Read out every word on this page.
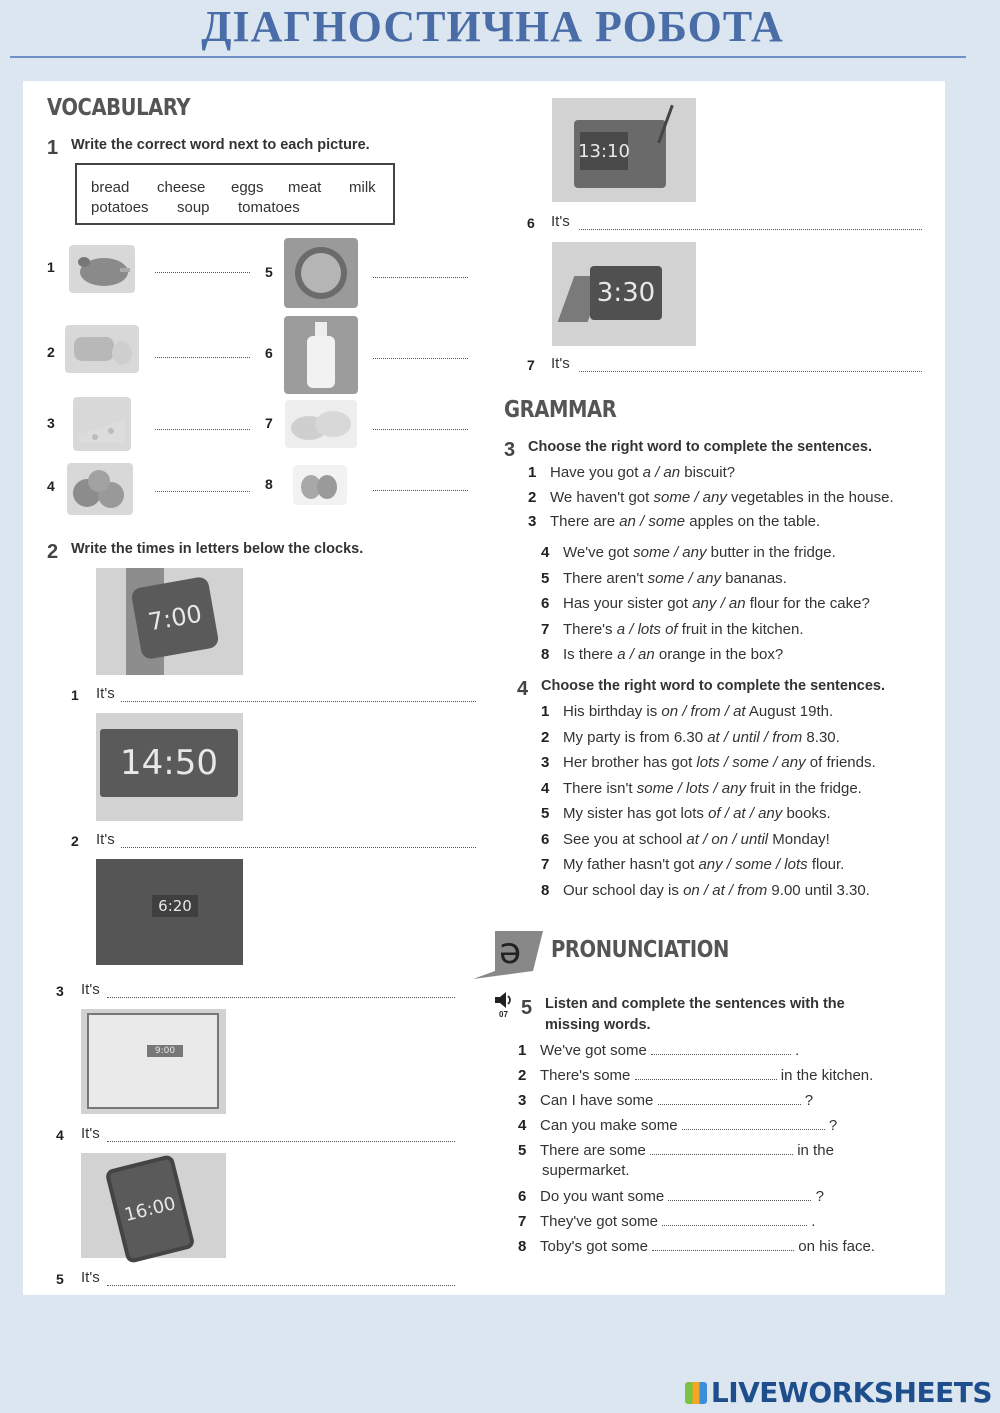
ДІАГНОСТИЧНА РОБОТА
VOCABULARY
1 Write the correct word next to each picture.
bread cheese eggs meat milk
potatoes soup tomatoes
1
2
3
4
5
6
7
8
2 Write the times in letters below the clocks.
7:00
1 It's
14:50
2 It's
6:20
3 It's
9:00
4 It's
16:00
5 It's
13:10
6 It's
3:30
7 It's
GRAMMAR
3 Choose the right word to complete the sentences.
1 Have you got a / an biscuit?
2 We haven't got some / any vegetables in the house.
3 There are an / some apples on the table.
4 We've got some / any butter in the fridge.
5 There aren't some / any bananas.
6 Has your sister got any / an flour for the cake?
7 There's a / lots of fruit in the kitchen.
8 Is there a / an orange in the box?
4 Choose the right word to complete the sentences.
1 His birthday is on / from / at August 19th.
2 My party is from 6.30 at / until / from 8.30.
3 Her brother has got lots / some / any of friends.
4 There isn't some / lots / any fruit in the fridge.
5 My sister has got lots of / at / any books.
6 See you at school at / on / until Monday!
7 My father hasn't got any / some / lots flour.
8 Our school day is on / at / from 9.00 until 3.30.
ə PRONUNCIATION
07 5 Listen and complete the sentences with the
missing words.
1 We've got some	.
2 There's some	in the kitchen.
3 Can I have some	?
4 Can you make some	?
5 There are some	in the
supermarket.
6 Do you want some	?
7 They've got some	.
8 Toby's got some	on his face.
LIVEWORKSHEETS
